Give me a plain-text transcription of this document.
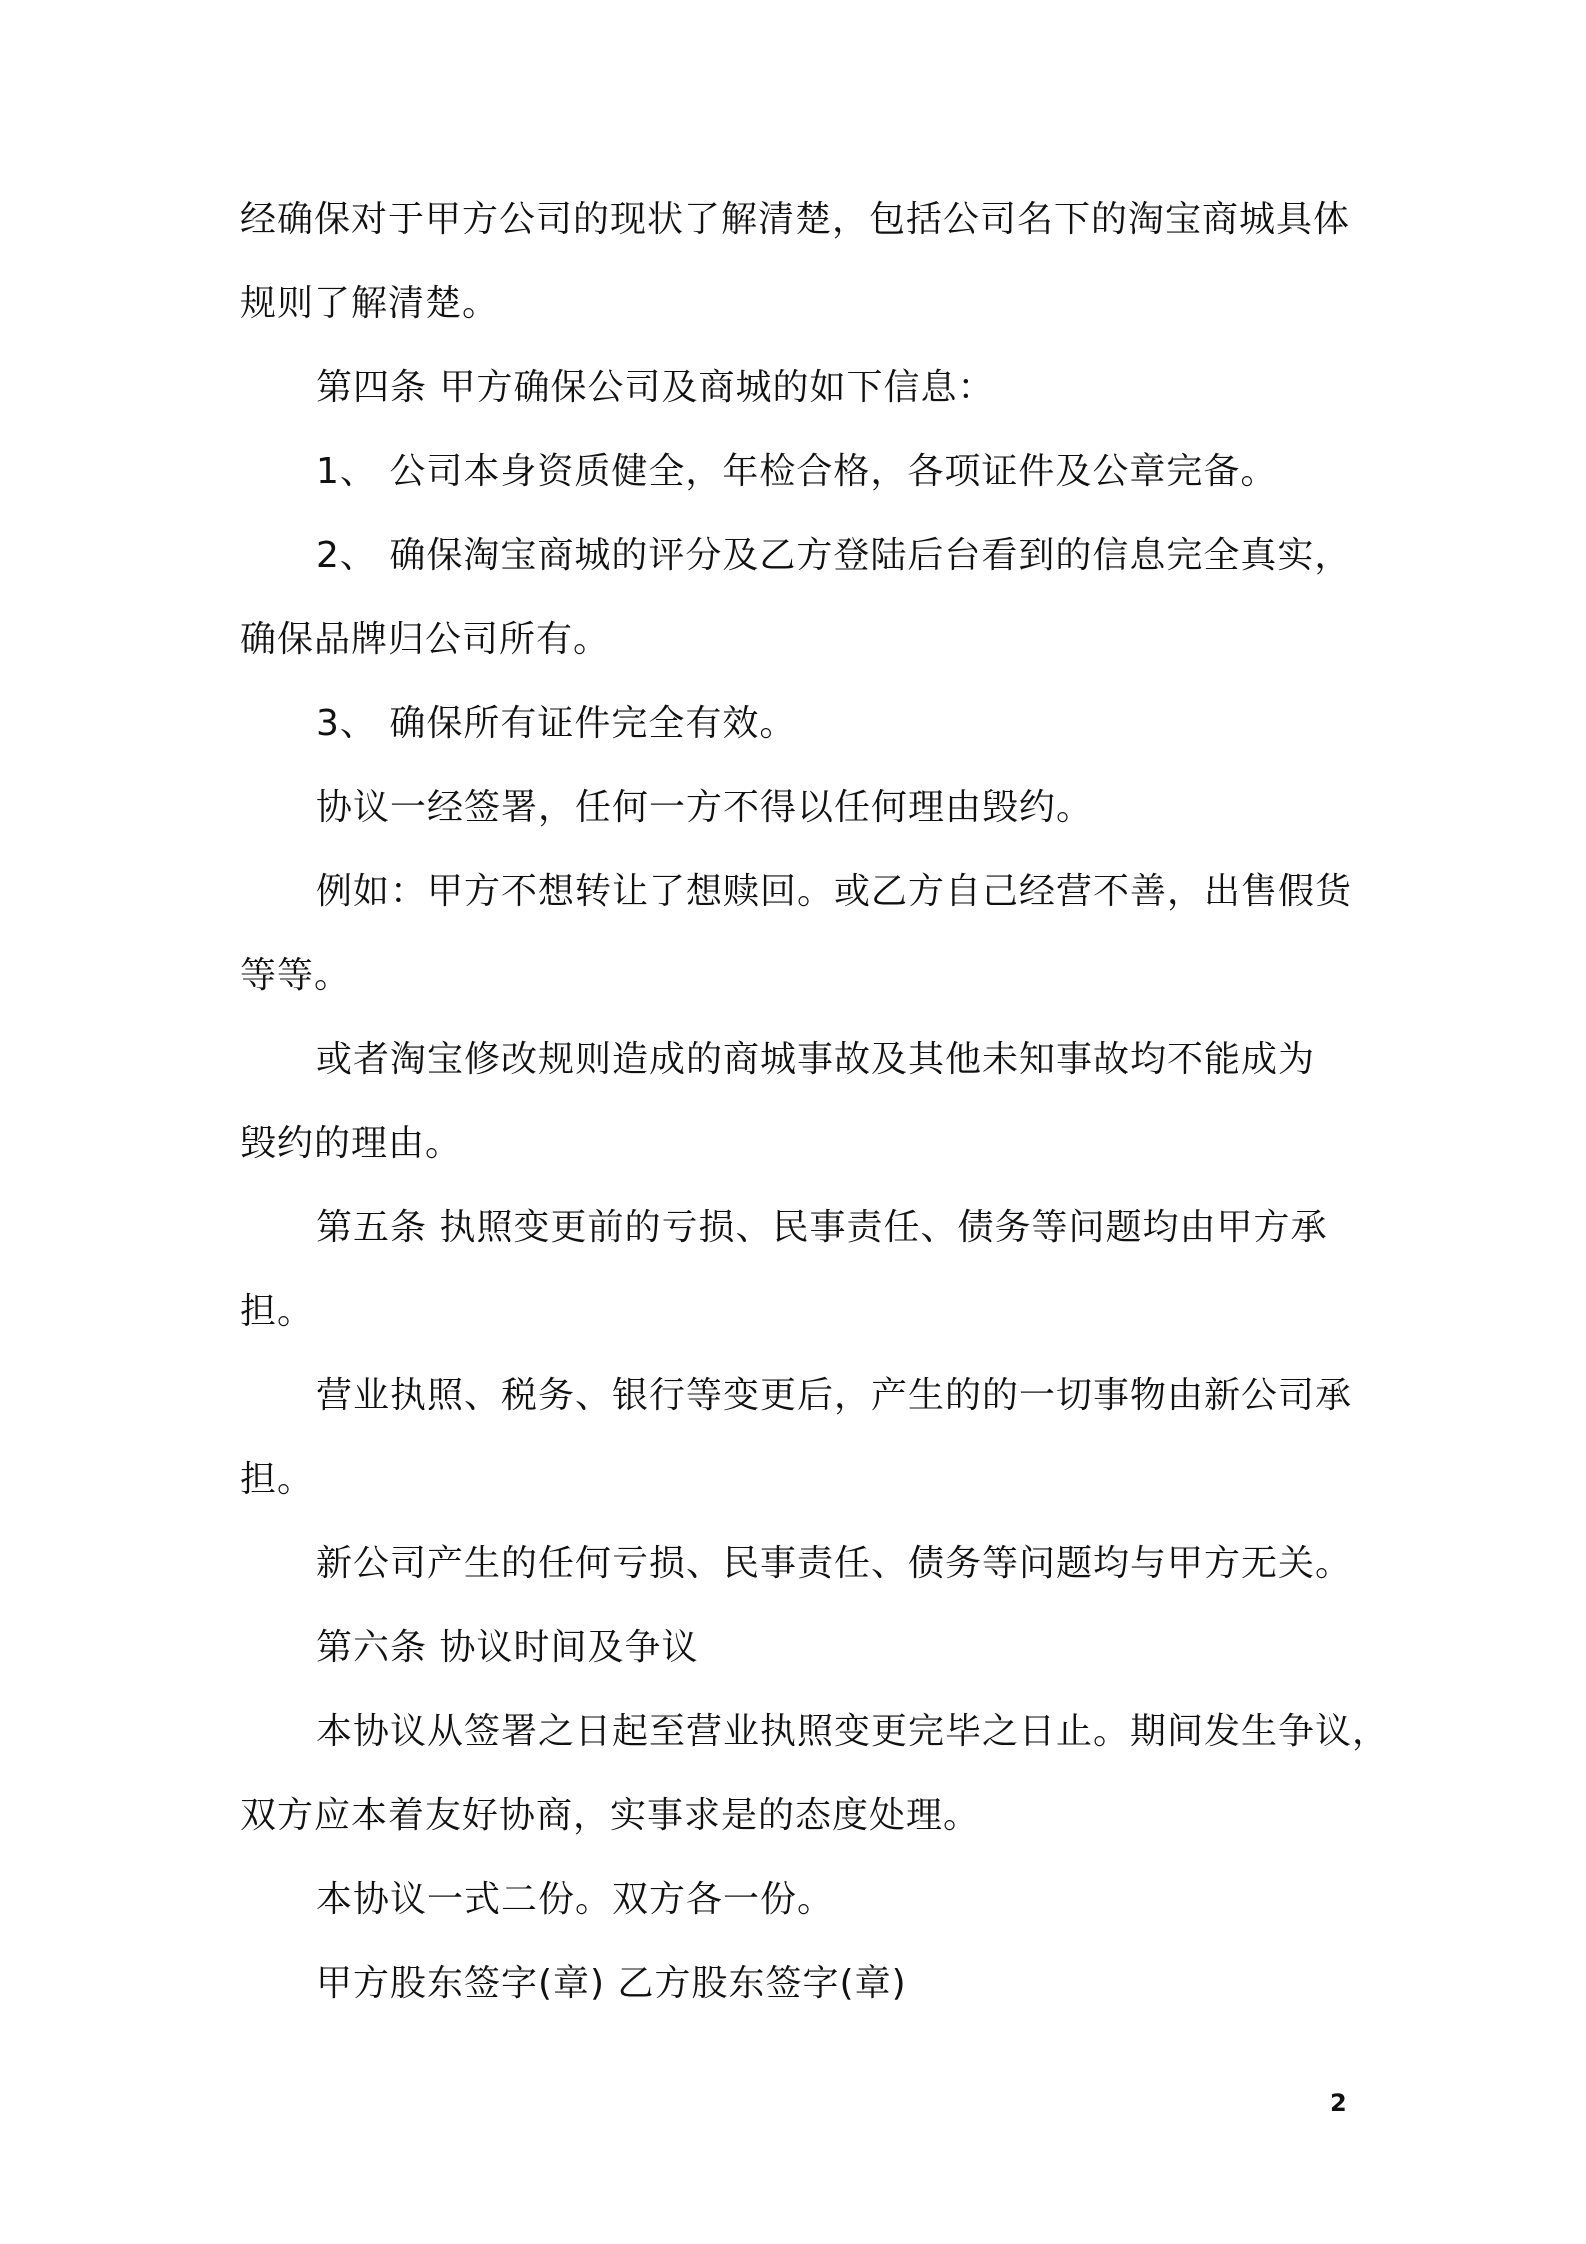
经确保对于甲方公司的现状了解清楚，包括公司名下的淘宝商城具体
规则了解清楚。
第四条 甲方确保公司及商城的如下信息：
1、 公司本身资质健全，年检合格，各项证件及公章完备。
2、 确保淘宝商城的评分及乙方登陆后台看到的信息完全真实，
确保品牌归公司所有。
3、 确保所有证件完全有效。
协议一经签署，任何一方不得以任何理由毁约。
例如：甲方不想转让了想赎回。或乙方自己经营不善，出售假货
等等。
或者淘宝修改规则造成的商城事故及其他未知事故均不能成为
毁约的理由。
第五条 执照变更前的亏损、民事责任、债务等问题均由甲方承
担。
营业执照、税务、银行等变更后，产生的的一切事物由新公司承
担。
新公司产生的任何亏损、民事责任、债务等问题均与甲方无关。
第六条 协议时间及争议
本协议从签署之日起至营业执照变更完毕之日止。期间发生争议，
双方应本着友好协商，实事求是的态度处理。
本协议一式二份。双方各一份。
甲方股东签字(章) 乙方股东签字(章)
2
